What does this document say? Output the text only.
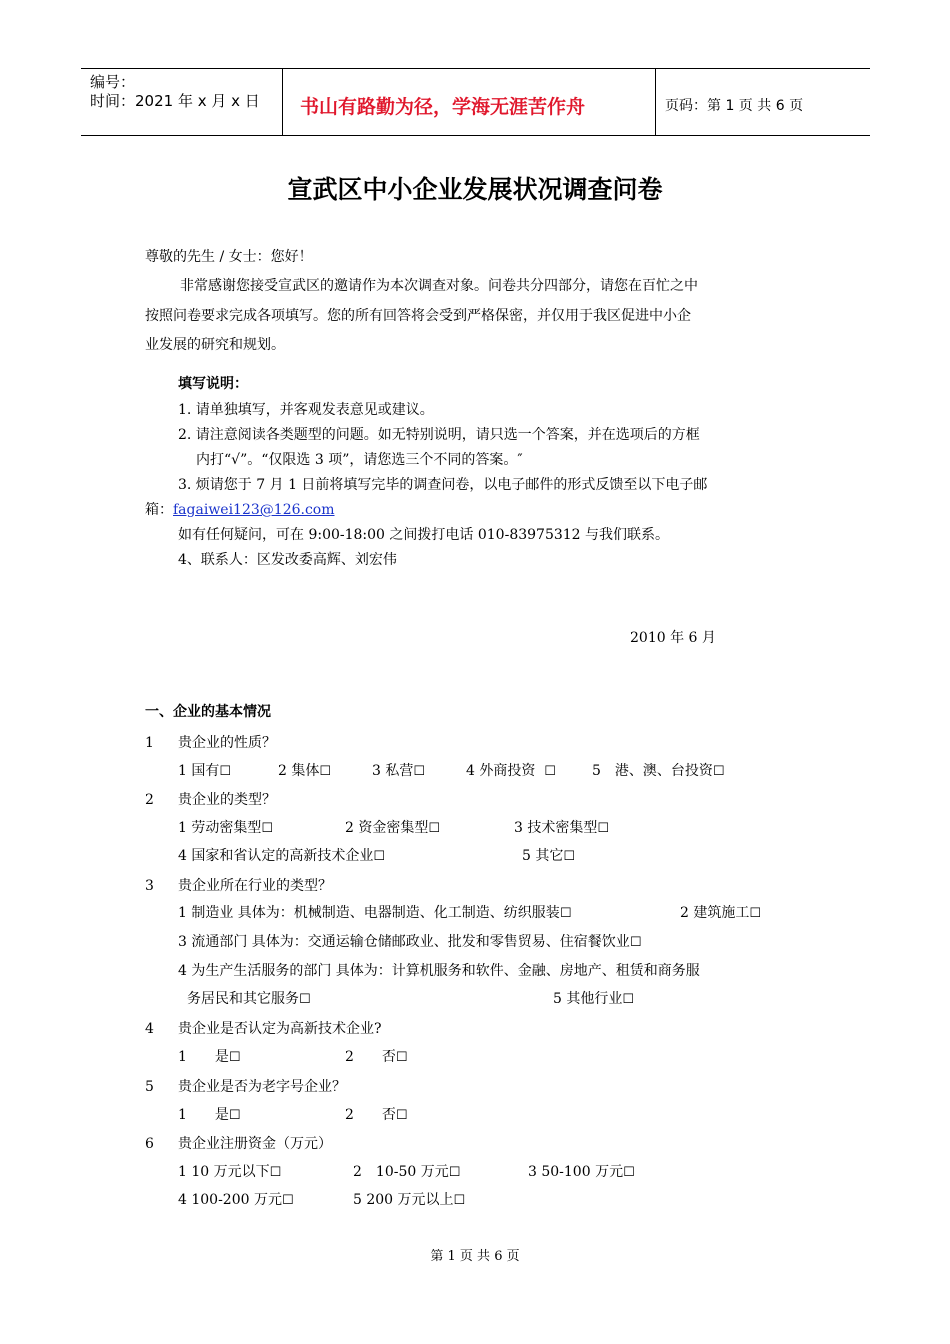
编号：
时间：2021 年 x 月 x 日 书山有路勤为径，学海无涯苦作舟	页码：第 1 页 共 6 页
宣武区中小企业发展状况调查问卷
尊敬的先生 / 女士：您好！
非常感谢您接受宣武区的邀请作为本次调查对象。问卷共分四部分，请您在百忙之中
按照问卷要求完成各项填写。您的所有回答将会受到严格保密，并仅用于我区促进中小企
业发展的研究和规划。
填写说明：
1. 请单独填写，并客观发表意见或建议。
2. 请注意阅读各类题型的问题。如无特别说明，请只选一个答案，并在选项后的方框
内打“√”。“仅限选 3 项”，请您选三个不同的答案。″
3. 烦请您于 7 月 1 日前将填写完毕的调查问卷，以电子邮件的形式反馈至以下电子邮
箱：fagaiwei123@126.com
如有任何疑问，可在 9:00-18:00 之间拨打电话 010-83975312 与我们联系。
4、联系人：区发改委高辉、刘宏伟
2010 年 6 月
一、企业的基本情况
1 贵企业的性质？
1 国有☐	2 集体☐	3 私营☐	4 外商投资 ☐	5　港、澳、台投资☐
2 贵企业的类型？
1 劳动密集型☐	2 资金密集型☐	3 技术密集型☐
4 国家和省认定的高新技术企业☐	5 其它☐
3 贵企业所在行业的类型？
1 制造业 具体为：机械制造、电器制造、化工制造、纺织服装☐	2 建筑施工☐
3 流通部门 具体为：交通运输仓储邮政业、批发和零售贸易、住宿餐饮业☐
4 为生产生活服务的部门 具体为：计算机服务和软件、金融、房地产、租赁和商务服
务居民和其它服务☐	5 其他行业☐
4 贵企业是否认定为高新技术企业?
1　　是☐	2　　否☐
5 贵企业是否为老字号企业？
1　　是☐	2　　否☐
6 贵企业注册资金（万元）
1 10 万元以下☐	2　10-50 万元☐	3 50-100 万元☐
4 100-200 万元☐	5 200 万元以上☐
第 1 页 共 6 页
